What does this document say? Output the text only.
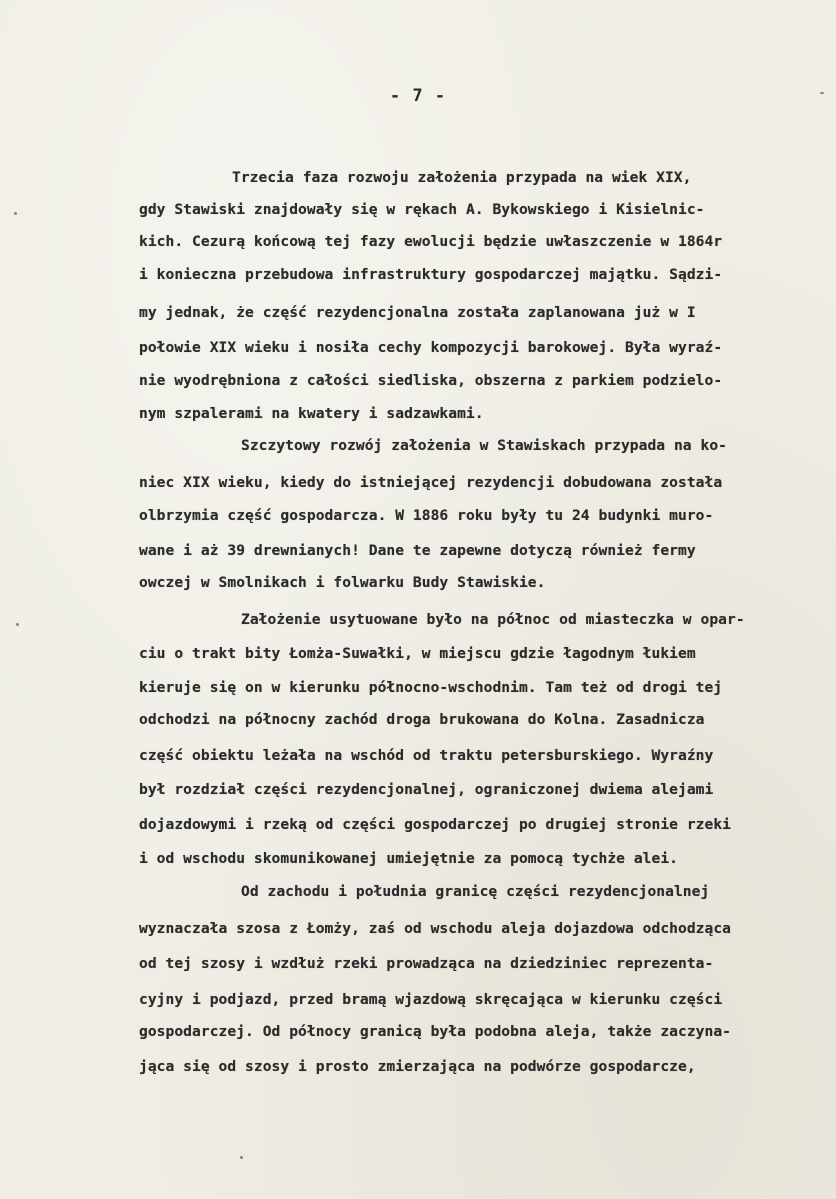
- 7 -
Trzecia faza rozwoju założenia przypada na wiek XIX,
gdy Stawiski znajdowały się w rękach A. Bykowskiego i Kisielnic-
kich. Cezurą końcową tej fazy ewolucji będzie uwłaszczenie w 1864r
i konieczna przebudowa infrastruktury gospodarczej majątku. Sądzi-
my jednak, że część rezydencjonalna została zaplanowana już w I
połowie XIX wieku i nosiła cechy kompozycji barokowej. Była wyraź-
nie wyodrębniona z całości siedliska, obszerna z parkiem podzielo-
nym szpalerami na kwatery i sadzawkami.
Szczytowy rozwój założenia w Stawiskach przypada na ko-
niec XIX wieku, kiedy do istniejącej rezydencji dobudowana została
olbrzymia część gospodarcza. W 1886 roku były tu 24 budynki muro-
wane i aż 39 drewnianych! Dane te zapewne dotyczą również fermy
owczej w Smolnikach i folwarku Budy Stawiskie.
Założenie usytuowane było na północ od miasteczka w opar-
ciu o trakt bity Łomża-Suwałki, w miejscu gdzie łagodnym łukiem
kieruje się on w kierunku północno-wschodnim. Tam też od drogi tej
odchodzi na północny zachód droga brukowana do Kolna. Zasadnicza
część obiektu leżała na wschód od traktu petersburskiego. Wyraźny
był rozdział części rezydencjonalnej, ograniczonej dwiema alejami
dojazdowymi i rzeką od części gospodarczej po drugiej stronie rzeki
i od wschodu skomunikowanej umiejętnie za pomocą tychże alei.
Od zachodu i południa granicę części rezydencjonalnej
wyznaczała szosa z Łomży, zaś od wschodu aleja dojazdowa odchodząca
od tej szosy i wzdłuż rzeki prowadząca na dziedziniec reprezenta-
cyjny i podjazd, przed bramą wjazdową skręcająca w kierunku części
gospodarczej. Od północy granicą była podobna aleja, także zaczyna-
jąca się od szosy i prosto zmierzająca na podwórze gospodarcze,
